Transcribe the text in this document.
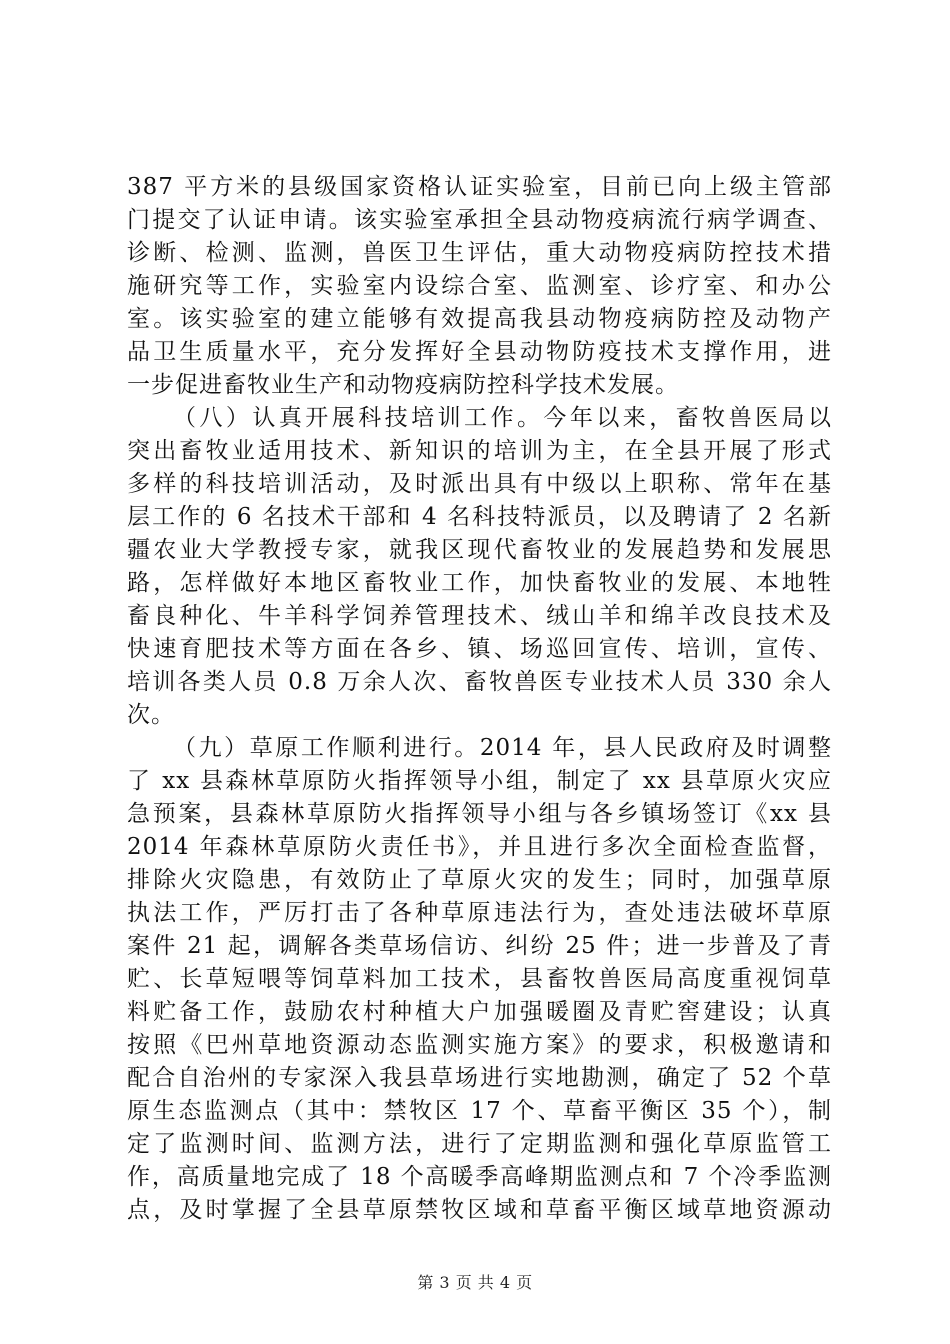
387 平方米的县级国家资格认证实验室，目前已向上级主管部
门提交了认证申请。该实验室承担全县动物疫病流行病学调查、
诊断、检测、监测，兽医卫生评估，重大动物疫病防控技术措
施研究等工作，实验室内设综合室、监测室、诊疗室、和办公
室。该实验室的建立能够有效提高我县动物疫病防控及动物产
品卫生质量水平，充分发挥好全县动物防疫技术支撑作用，进
一步促进畜牧业生产和动物疫病防控科学技术发展。
（八）认真开展科技培训工作。今年以来，畜牧兽医局以
突出畜牧业适用技术、新知识的培训为主，在全县开展了形式
多样的科技培训活动，及时派出具有中级以上职称、常年在基
层工作的 6 名技术干部和 4 名科技特派员，以及聘请了 2 名新
疆农业大学教授专家，就我区现代畜牧业的发展趋势和发展思
路，怎样做好本地区畜牧业工作，加快畜牧业的发展、本地牲
畜良种化、牛羊科学饲养管理技术、绒山羊和绵羊改良技术及
快速育肥技术等方面在各乡、镇、场巡回宣传、培训，宣传、
培训各类人员 0.8 万余人次、畜牧兽医专业技术人员 330 余人
次。
（九）草原工作顺利进行。2014 年，县人民政府及时调整
了 xx 县森林草原防火指挥领导小组，制定了 xx 县草原火灾应
急预案，县森林草原防火指挥领导小组与各乡镇场签订《xx 县
2014 年森林草原防火责任书》，并且进行多次全面检查监督，
排除火灾隐患，有效防止了草原火灾的发生；同时，加强草原
执法工作，严厉打击了各种草原违法行为，查处违法破坏草原
案件 21 起，调解各类草场信访、纠纷 25 件；进一步普及了青
贮、长草短喂等饲草料加工技术，县畜牧兽医局高度重视饲草
料贮备工作，鼓励农村种植大户加强暖圈及青贮窖建设；认真
按照《巴州草地资源动态监测实施方案》的要求，积极邀请和
配合自治州的专家深入我县草场进行实地勘测，确定了 52 个草
原生态监测点（其中：禁牧区 17 个、草畜平衡区 35 个），制
定了监测时间、监测方法，进行了定期监测和强化草原监管工
作，高质量地完成了 18 个高暖季高峰期监测点和 7 个冷季监测
点，及时掌握了全县草原禁牧区域和草畜平衡区域草地资源动
第 3 页 共 4 页
